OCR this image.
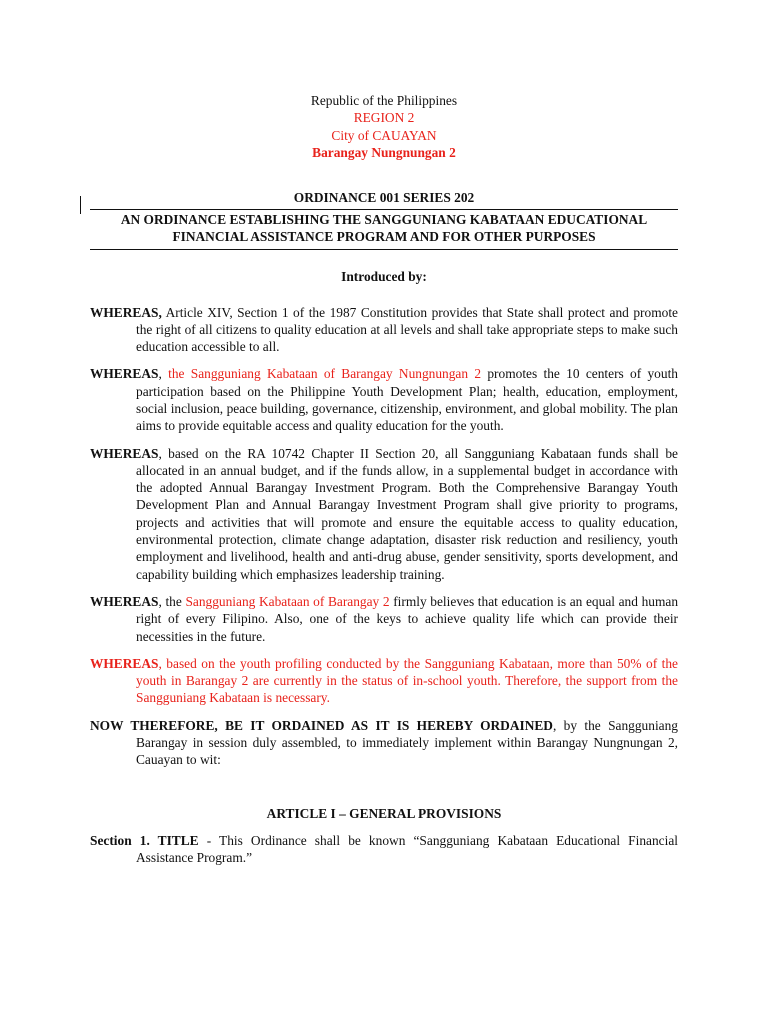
Republic of the Philippines
REGION 2
City of CAUAYAN
Barangay Nungnungan 2
ORDINANCE 001 SERIES 202
AN ORDINANCE ESTABLISHING THE SANGGUNIANG KABATAAN EDUCATIONAL FINANCIAL ASSISTANCE PROGRAM AND FOR OTHER PURPOSES
Introduced by:
WHEREAS, Article XIV, Section 1 of the 1987 Constitution provides that State shall protect and promote the right of all citizens to quality education at all levels and shall take appropriate steps to make such education accessible to all.
WHEREAS, the Sangguniang Kabataan of Barangay Nungnungan 2 promotes the 10 centers of youth participation based on the Philippine Youth Development Plan; health, education, employment, social inclusion, peace building, governance, citizenship, environment, and global mobility. The plan aims to provide equitable access and quality education for the youth.
WHEREAS, based on the RA 10742 Chapter II Section 20, all Sangguniang Kabataan funds shall be allocated in an annual budget, and if the funds allow, in a supplemental budget in accordance with the adopted Annual Barangay Investment Program. Both the Comprehensive Barangay Youth Development Plan and Annual Barangay Investment Program shall give priority to programs, projects and activities that will promote and ensure the equitable access to quality education, environmental protection, climate change adaptation, disaster risk reduction and resiliency, youth employment and livelihood, health and anti-drug abuse, gender sensitivity, sports development, and capability building which emphasizes leadership training.
WHEREAS, the Sangguniang Kabataan of Barangay 2 firmly believes that education is an equal and human right of every Filipino. Also, one of the keys to achieve quality life which can provide their necessities in the future.
WHEREAS, based on the youth profiling conducted by the Sangguniang Kabataan, more than 50% of the youth in Barangay 2 are currently in the status of in-school youth. Therefore, the support from the Sangguniang Kabataan is necessary.
NOW THEREFORE, BE IT ORDAINED AS IT IS HEREBY ORDAINED, by the Sangguniang Barangay in session duly assembled, to immediately implement within Barangay Nungnungan 2, Cauayan to wit:
ARTICLE I – GENERAL PROVISIONS
Section 1. TITLE - This Ordinance shall be known “Sangguniang Kabataan Educational Financial Assistance Program.”
